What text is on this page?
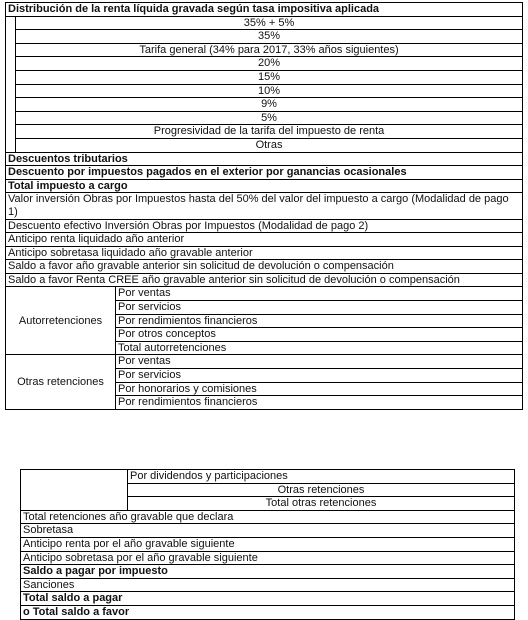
Distribución de la renta líquida gravada según tasa impositiva aplicada		
	35% + 5%	
	35%	
	Tarifa general (34% para 2017, 33% años siguientes)	
	20%	
	15%	
	10%	
	9%	
	5%	
	Progresividad de la tarifa del impuesto de renta	
	Otras	
Descuentos tributarios		
Descuento por impuestos pagados en el exterior por ganancias ocasionales		
Total impuesto a cargo		
Valor inversión Obras por Impuestos hasta del 50% del valor del impuesto a cargo (Modalidad de pago 1)		
Descuento efectivo Inversión Obras por Impuestos (Modalidad de pago 2)		
Anticipo renta liquidado año anterior		
Anticipo sobretasa liquidado año gravable anterior		
Saldo a favor año gravable anterior sin solicitud de devolución o compensación		
Saldo a favor Renta CREE año gravable anterior sin solicitud de devolución o compensación		
Autorretenciones		Por ventas
		Por servicios
		Por rendimientos financieros
		Por otros conceptos
		Total autorretenciones
Otras retenciones		Por ventas
		Por servicios
		Por honorarios y comisiones
		Por rendimientos financieros
	Por dividendos y participaciones
Otras retenciones
Total otras retenciones
Total retenciones año gravable que declara
Sobretasa
Anticipo renta por el año gravable siguiente
Anticipo sobretasa por el año gravable siguiente
Saldo a pagar por impuesto
Sanciones
Total saldo a pagar
o Total saldo a favor
